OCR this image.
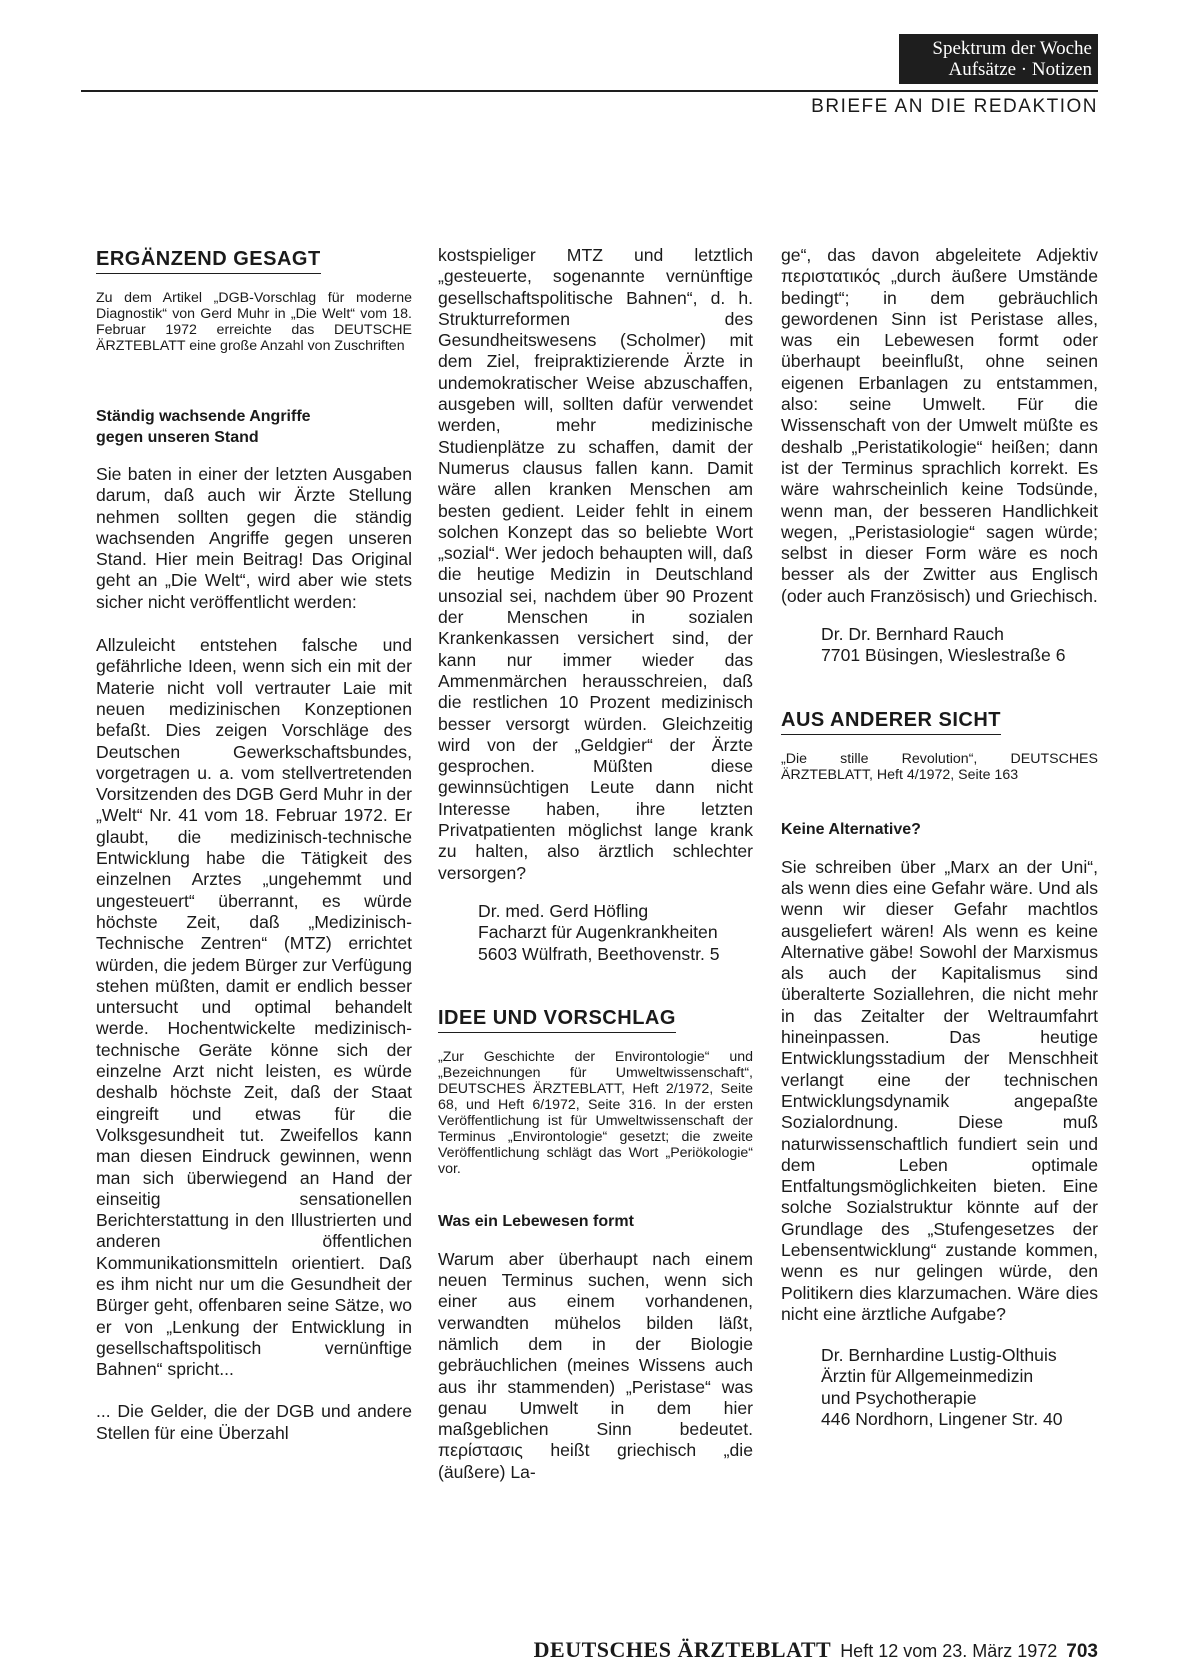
Spektrum der Woche
Aufsätze · Notizen
BRIEFE AN DIE REDAKTION
ERGÄNZEND GESAGT

Zu dem Artikel „DGB-Vorschlag für moderne Diagnostik“ von Gerd Muhr in „Die Welt“ vom 18. Februar 1972 erreichte das DEUTSCHE ÄRZTEBLATT eine große Anzahl von Zuschriften

Ständig wachsende Angriffe
gegen unseren Stand

Sie baten in einer der letzten Ausgaben darum, daß auch wir Ärzte Stellung nehmen sollten gegen die ständig wachsenden Angriffe gegen unseren Stand. Hier mein Beitrag! Das Original geht an „Die Welt“, wird aber wie stets sicher nicht veröffentlicht werden:

Allzuleicht entstehen falsche und gefährliche Ideen, wenn sich ein mit der Materie nicht voll vertrauter Laie mit neuen medizinischen Konzeptionen befaßt. Dies zeigen Vorschläge des Deutschen Gewerkschaftsbundes, vorgetragen u. a. vom stellvertretenden Vorsitzenden des DGB Gerd Muhr in der „Welt“ Nr. 41 vom 18. Februar 1972. Er glaubt, die medizinisch-technische Entwicklung habe die Tätigkeit des einzelnen Arztes „ungehemmt und ungesteuert“ überrannt, es würde höchste Zeit, daß „Medizinisch-Technische Zentren“ (MTZ) errichtet würden, die jedem Bürger zur Verfügung stehen müßten, damit er endlich besser untersucht und optimal behandelt werde. Hochentwickelte medizinisch-technische Geräte könne sich der einzelne Arzt nicht leisten, es würde deshalb höchste Zeit, daß der Staat eingreift und etwas für die Volksgesundheit tut. Zweifellos kann man diesen Eindruck gewinnen, wenn man sich überwiegend an Hand der einseitig sensationellen Berichterstattung in den Illustrierten und anderen öffentlichen Kommunikationsmitteln orientiert. Daß es ihm nicht nur um die Gesundheit der Bürger geht, offenbaren seine Sätze, wo er von „Lenkung der Entwicklung in gesellschaftspolitisch vernünftige Bahnen“ spricht...

... Die Gelder, die der DGB und andere Stellen für eine Überzahl

kostspieliger MTZ und letztlich „gesteuerte, sogenannte vernünftige gesellschaftspolitische Bahnen“, d. h. Strukturreformen des Gesundheitswesens (Scholmer) mit dem Ziel, freipraktizierende Ärzte in undemokratischer Weise abzuschaffen, ausgeben will, sollten dafür verwendet werden, mehr medizinische Studienplätze zu schaffen, damit der Numerus clausus fallen kann. Damit wäre allen kranken Menschen am besten gedient. Leider fehlt in einem solchen Konzept das so beliebte Wort „sozial“. Wer jedoch behaupten will, daß die heutige Medizin in Deutschland unsozial sei, nachdem über 90 Prozent der Menschen in sozialen Krankenkassen versichert sind, der kann nur immer wieder das Ammenmärchen herausschreien, daß die restlichen 10 Prozent medizinisch besser versorgt würden. Gleichzeitig wird von der „Geldgier“ der Ärzte gesprochen. Müßten diese gewinnsüchtigen Leute dann nicht Interesse haben, ihre letzten Privatpatienten möglichst lange krank zu halten, also ärztlich schlechter versorgen?

Dr. med. Gerd Höfling
Facharzt für Augenkrankheiten
5603 Wülfrath, Beethovenstr. 5

IDEE UND VORSCHLAG

„Zur Geschichte der Environtologie“ und „Bezeichnungen für Umweltwissenschaft“, DEUTSCHES ÄRZTEBLATT, Heft 2/1972, Seite 68, und Heft 6/1972, Seite 316. In der ersten Veröffentlichung ist für Umweltwissenschaft der Terminus „Environtologie“ gesetzt; die zweite Veröffentlichung schlägt das Wort „Periökologie“ vor.

Was ein Lebewesen formt

Warum aber überhaupt nach einem neuen Terminus suchen, wenn sich einer aus einem vorhandenen, verwandten mühelos bilden läßt, nämlich dem in der Biologie gebräuchlichen (meines Wissens auch aus ihr stammenden) „Peristase“ was genau Umwelt in dem hier maßgeblichen Sinn bedeutet. περίστασις heißt griechisch „die (äußere) La-

ge“, das davon abgeleitete Adjektiv περιστατικός „durch äußere Umstände bedingt“; in dem gebräuchlich gewordenen Sinn ist Peristase alles, was ein Lebewesen formt oder überhaupt beeinflußt, ohne seinen eigenen Erbanlagen zu entstammen, also: seine Umwelt. Für die Wissenschaft von der Umwelt müßte es deshalb „Peristatikologie“ heißen; dann ist der Terminus sprachlich korrekt. Es wäre wahrscheinlich keine Todsünde, wenn man, der besseren Handlichkeit wegen, „Peristasiologie“ sagen würde; selbst in dieser Form wäre es noch besser als der Zwitter aus Englisch (oder auch Französisch) und Griechisch.

Dr. Dr. Bernhard Rauch
7701 Büsingen, Wieslestraße 6

AUS ANDERER SICHT

„Die stille Revolution“, DEUTSCHES ÄRZTEBLATT, Heft 4/1972, Seite 163

Keine Alternative?

Sie schreiben über „Marx an der Uni“, als wenn dies eine Gefahr wäre. Und als wenn wir dieser Gefahr machtlos ausgeliefert wären! Als wenn es keine Alternative gäbe! Sowohl der Marxismus als auch der Kapitalismus sind überalterte Soziallehren, die nicht mehr in das Zeitalter der Weltraumfahrt hineinpassen. Das heutige Entwicklungsstadium der Menschheit verlangt eine der technischen Entwicklungsdynamik angepaßte Sozialordnung. Diese muß naturwissenschaftlich fundiert sein und dem Leben optimale Entfaltungsmöglichkeiten bieten. Eine solche Sozialstruktur könnte auf der Grundlage des „Stufengesetzes der Lebensentwicklung“ zustande kommen, wenn es nur gelingen würde, den Politikern dies klarzumachen. Wäre dies nicht eine ärztliche Aufgabe?

Dr. Bernhardine Lustig-Olthuis
Ärztin für Allgemeinmedizin
und Psychotherapie
446 Nordhorn, Lingener Str. 40

DEUTSCHES ÄRZTEBLATT Heft 12 vom 23. März 1972 703
